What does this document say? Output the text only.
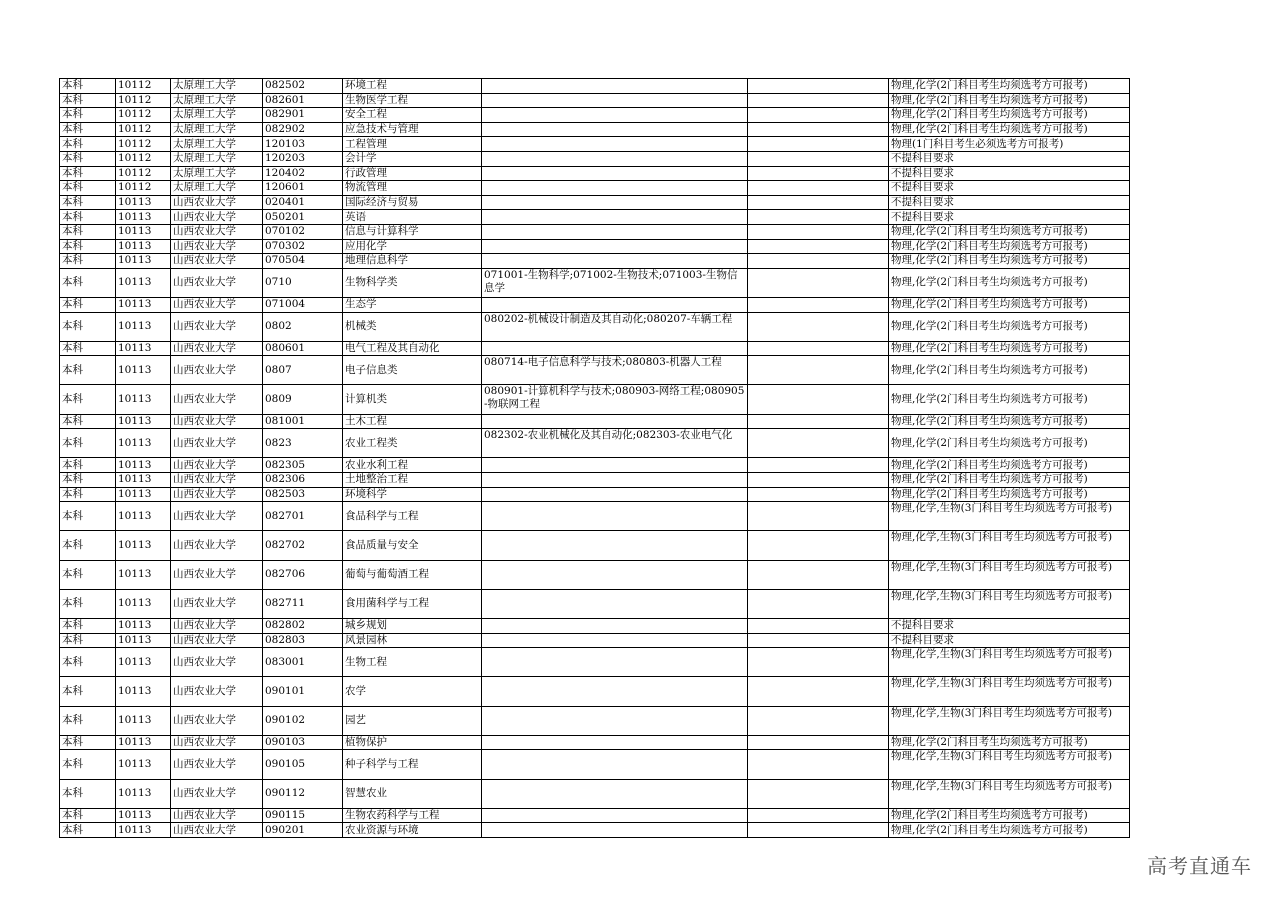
本科	10112	太原理工大学	082502	环境工程			物理,化学(2门科目考生均须选考方可报考)
本科	10112	太原理工大学	082601	生物医学工程			物理,化学(2门科目考生均须选考方可报考)
本科	10112	太原理工大学	082901	安全工程			物理,化学(2门科目考生均须选考方可报考)
本科	10112	太原理工大学	082902	应急技术与管理			物理,化学(2门科目考生均须选考方可报考)
本科	10112	太原理工大学	120103	工程管理			物理(1门科目考生必须选考方可报考)
本科	10112	太原理工大学	120203	会计学			不提科目要求
本科	10112	太原理工大学	120402	行政管理			不提科目要求
本科	10112	太原理工大学	120601	物流管理			不提科目要求
本科	10113	山西农业大学	020401	国际经济与贸易			不提科目要求
本科	10113	山西农业大学	050201	英语			不提科目要求
本科	10113	山西农业大学	070102	信息与计算科学			物理,化学(2门科目考生均须选考方可报考)
本科	10113	山西农业大学	070302	应用化学			物理,化学(2门科目考生均须选考方可报考)
本科	10113	山西农业大学	070504	地理信息科学			物理,化学(2门科目考生均须选考方可报考)
本科	10113	山西农业大学	0710	生物科学类	071001-生物科学;071002-生物技术;071003-生物信息学		物理,化学(2门科目考生均须选考方可报考)
本科	10113	山西农业大学	071004	生态学			物理,化学(2门科目考生均须选考方可报考)
本科	10113	山西农业大学	0802	机械类	080202-机械设计制造及其自动化;080207-车辆工程		物理,化学(2门科目考生均须选考方可报考)
本科	10113	山西农业大学	080601	电气工程及其自动化			物理,化学(2门科目考生均须选考方可报考)
本科	10113	山西农业大学	0807	电子信息类	080714-电子信息科学与技术;080803-机器人工程		物理,化学(2门科目考生均须选考方可报考)
本科	10113	山西农业大学	0809	计算机类	080901-计算机科学与技术;080903-网络工程;080905-物联网工程		物理,化学(2门科目考生均须选考方可报考)
本科	10113	山西农业大学	081001	土木工程			物理,化学(2门科目考生均须选考方可报考)
本科	10113	山西农业大学	0823	农业工程类	082302-农业机械化及其自动化;082303-农业电气化		物理,化学(2门科目考生均须选考方可报考)
本科	10113	山西农业大学	082305	农业水利工程			物理,化学(2门科目考生均须选考方可报考)
本科	10113	山西农业大学	082306	土地整治工程			物理,化学(2门科目考生均须选考方可报考)
本科	10113	山西农业大学	082503	环境科学			物理,化学(2门科目考生均须选考方可报考)
本科	10113	山西农业大学	082701	食品科学与工程			物理,化学,生物(3门科目考生均须选考方可报考)
本科	10113	山西农业大学	082702	食品质量与安全			物理,化学,生物(3门科目考生均须选考方可报考)
本科	10113	山西农业大学	082706	葡萄与葡萄酒工程			物理,化学,生物(3门科目考生均须选考方可报考)
本科	10113	山西农业大学	082711	食用菌科学与工程			物理,化学,生物(3门科目考生均须选考方可报考)
本科	10113	山西农业大学	082802	城乡规划			不提科目要求
本科	10113	山西农业大学	082803	风景园林			不提科目要求
本科	10113	山西农业大学	083001	生物工程			物理,化学,生物(3门科目考生均须选考方可报考)
本科	10113	山西农业大学	090101	农学			物理,化学,生物(3门科目考生均须选考方可报考)
本科	10113	山西农业大学	090102	园艺			物理,化学,生物(3门科目考生均须选考方可报考)
本科	10113	山西农业大学	090103	植物保护			物理,化学(2门科目考生均须选考方可报考)
本科	10113	山西农业大学	090105	种子科学与工程			物理,化学,生物(3门科目考生均须选考方可报考)
本科	10113	山西农业大学	090112	智慧农业			物理,化学,生物(3门科目考生均须选考方可报考)
本科	10113	山西农业大学	090115	生物农药科学与工程			物理,化学(2门科目考生均须选考方可报考)
本科	10113	山西农业大学	090201	农业资源与环境			物理,化学(2门科目考生均须选考方可报考)
高考直通车
